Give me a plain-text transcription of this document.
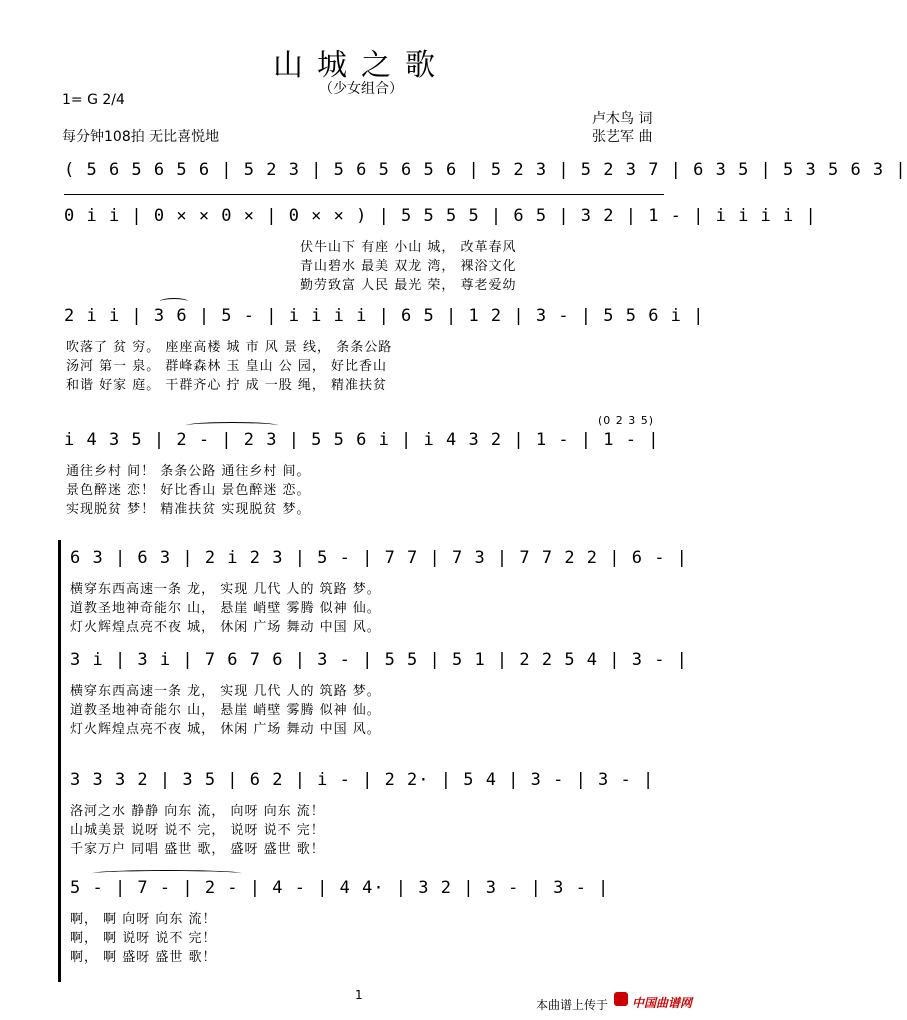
山城之歌
（少女组合）
1= G 2/4
每分钟108拍 无比喜悦地
卢木鸟 词
张艺军 曲
( 5 6 5 6 5 6 | 5 2 3 | 5 6 5 6 5 6 | 5 2 3 | 5 2 3 7 | 6 3 5 | 5 3 5 6 3 |
0 i i | 0 × × 0 × | 0 × × ) | 5 5 5 5 | 6 5 | 3 2 | 1 - | i i i i |
伏牛山下 有座 小山 城， 改革春风
青山碧水 最美 双龙 湾， 裸浴文化
勤劳致富 人民 最光 荣， 尊老爱幼
2 i i | 3 6 | 5 - | i i i i | 6 5 | 1 2 | 3 - | 5 5 6 i |
吹落了 贫 穷。 座座高楼 城 市 风 景 线， 条条公路
汤河 第一 泉。 群峰森林 玉 皇山 公 园， 好比香山
和谐 好家 庭。 干群齐心 拧 成 一股 绳， 精准扶贫
(0 2 3 5)
i 4 3 5 | 2 - | 2 3 | 5 5 6 i | i 4 3 2 | 1 - | 1 - |
通往乡村 间！ 条条公路 通往乡村 间。
景色醉迷 恋！ 好比香山 景色醉迷 恋。
实现脱贫 梦！ 精准扶贫 实现脱贫 梦。
6 3 | 6 3 | 2 i 2 3 | 5 - | 7 7 | 7 3 | 7 7 2 2 | 6 - |
横穿东西高速一条 龙， 实现 几代 人的 筑路 梦。
道教圣地神奇能尔 山， 悬崖 峭壁 雾腾 似神 仙。
灯火辉煌点亮不夜 城， 休闲 广场 舞动 中国 风。
3 i | 3 i | 7 6 7 6 | 3 - | 5 5 | 5 1 | 2 2 5 4 | 3 - |
横穿东西高速一条 龙， 实现 几代 人的 筑路 梦。
道教圣地神奇能尔 山， 悬崖 峭壁 雾腾 似神 仙。
灯火辉煌点亮不夜 城， 休闲 广场 舞动 中国 风。
3 3 3 2 | 3 5 | 6 2 | i - | 2 2· | 5 4 | 3 - | 3 - |
洛河之水 静静 向东 流， 向呀 向东 流！
山城美景 说呀 说不 完， 说呀 说不 完！
千家万户 同唱 盛世 歌， 盛呀 盛世 歌！
5 - | 7 - | 2 - | 4 - | 4 4· | 3 2 | 3 - | 3 - |
啊， 啊 向呀 向东 流！
啊， 啊 说呀 说不 完！
啊， 啊 盛呀 盛世 歌！
1
本曲谱上传于 中国曲谱网
